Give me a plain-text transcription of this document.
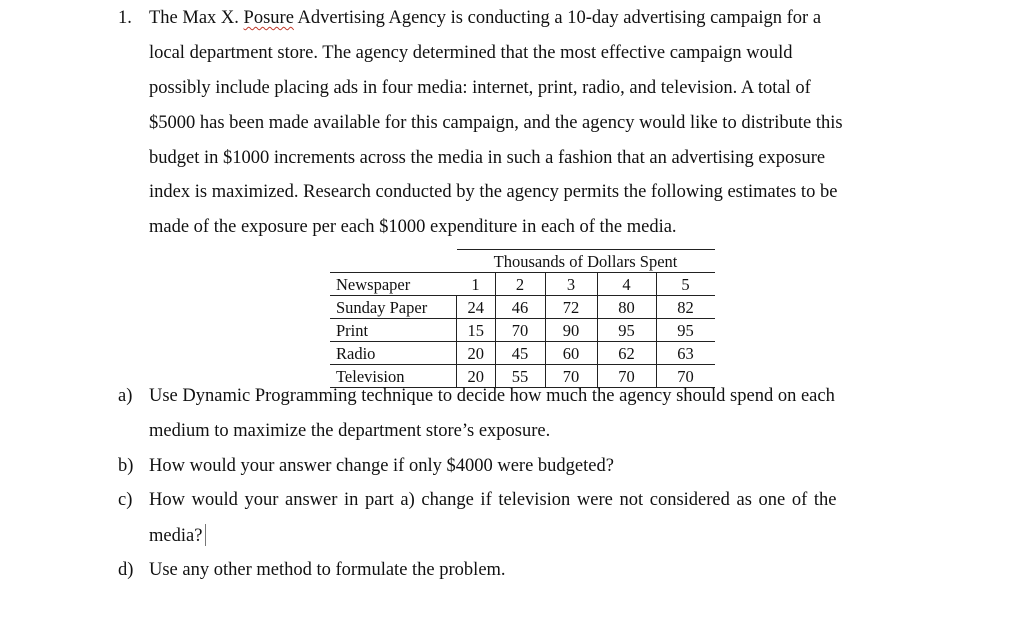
1. The Max X. Posure Advertising Agency is conducting a 10-day advertising campaign for a
local department store. The agency determined that the most effective campaign would
possibly include placing ads in four media: internet, print, radio, and television. A total of
$5000 has been made available for this campaign, and the agency would like to distribute this
budget in $1000 increments across the media in such a fashion that an advertising exposure
index is maximized. Research conducted by the agency permits the following estimates to be
made of the exposure per each $1000 expenditure in each of the media.
	Thousands of Dollars Spent				
Newspaper	1	2	3	4	5
Sunday Paper	24	46	72	80	82
Print	15	70	90	95	95
Radio	20	45	60	62	63
Television	20	55	70	70	70
a) Use Dynamic Programming technique to decide how much the agency should spend on each
medium to maximize the department store’s exposure.
b) How would your answer change if only $4000 were budgeted?
c) How would your answer in part a) change if television were not considered as one of the
media?
d) Use any other method to formulate the problem.
